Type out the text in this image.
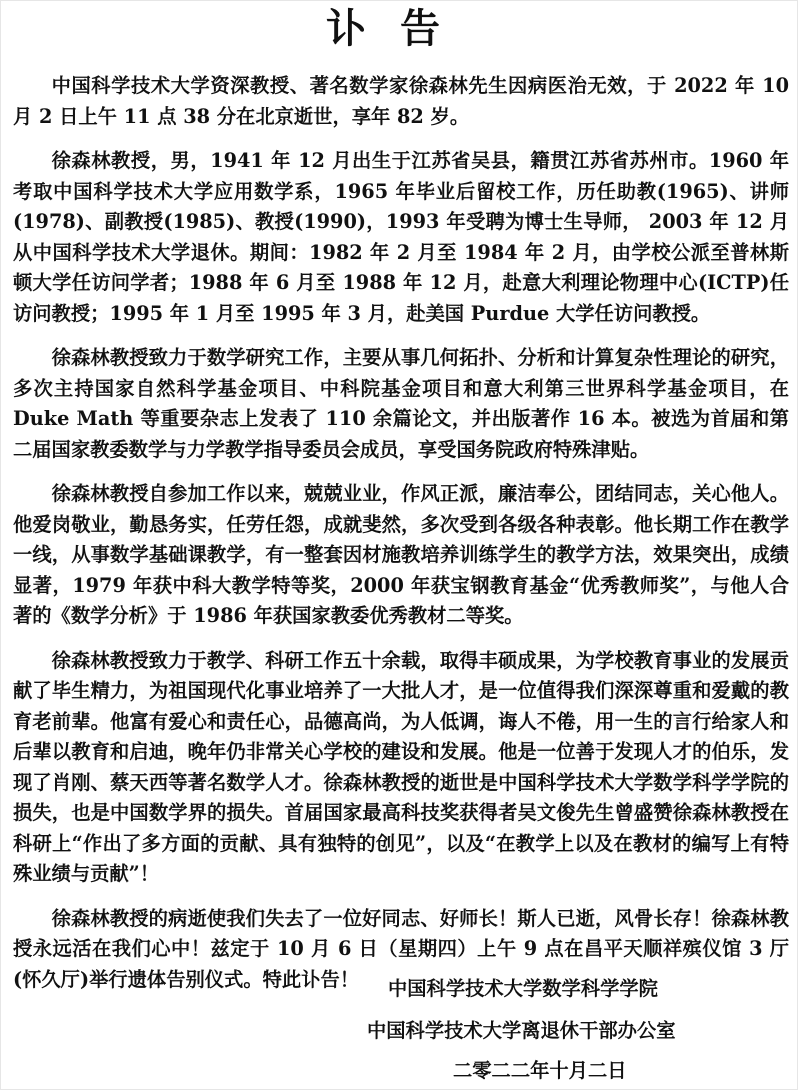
讣告

中国科学技术大学资深教授、著名数学家徐森林先生因病医治无效，于 2022 年 10 月 2 日上午 11 点 38 分在北京逝世，享年 82 岁。

徐森林教授，男，1941 年 12 月出生于江苏省吴县，籍贯江苏省苏州市。1960 年考取中国科学技术大学应用数学系，1965 年毕业后留校工作，历任助教(1965)、讲师(1978)、副教授(1985)、教授(1990)，1993 年受聘为博士生导师， 2003 年 12 月从中国科学技术大学退休。期间：1982 年 2 月至 1984 年 2 月，由学校公派至普林斯顿大学任访问学者；1988 年 6 月至 1988 年 12 月，赴意大利理论物理中心(ICTP)任访问教授；1995 年 1 月至 1995 年 3 月，赴美国 Purdue 大学任访问教授。

徐森林教授致力于数学研究工作，主要从事几何拓扑、分析和计算复杂性理论的研究，多次主持国家自然科学基金项目、中科院基金项目和意大利第三世界科学基金项目，在 Duke Math 等重要杂志上发表了 110 余篇论文，并出版著作 16 本。被选为首届和第二届国家教委数学与力学教学指导委员会成员，享受国务院政府特殊津贴。

徐森林教授自参加工作以来，兢兢业业，作风正派，廉洁奉公，团结同志，关心他人。他爱岗敬业，勤恳务实，任劳任怨，成就斐然，多次受到各级各种表彰。他长期工作在教学一线，从事数学基础课教学，有一整套因材施教培养训练学生的教学方法，效果突出，成绩显著，1979 年获中科大教学特等奖，2000 年获宝钢教育基金“优秀教师奖”，与他人合著的《数学分析》于 1986 年获国家教委优秀教材二等奖。

徐森林教授致力于教学、科研工作五十余载，取得丰硕成果，为学校教育事业的发展贡献了毕生精力，为祖国现代化事业培养了一大批人才，是一位值得我们深深尊重和爱戴的教育老前辈。他富有爱心和责任心，品德高尚，为人低调，诲人不倦，用一生的言行给家人和后辈以教育和启迪，晚年仍非常关心学校的建设和发展。他是一位善于发现人才的伯乐，发现了肖刚、蔡天西等著名数学人才。徐森林教授的逝世是中国科学技术大学数学科学学院的损失，也是中国数学界的损失。首届国家最高科技奖获得者吴文俊先生曾盛赞徐森林教授在科研上“作出了多方面的贡献、具有独特的创见”，以及“在教学上以及在教材的编写上有特殊业绩与贡献”！

徐森林教授的病逝使我们失去了一位好同志、好师长！斯人已逝，风骨长存！徐森林教授永远活在我们心中！兹定于 10 月 6 日（星期四）上午 9 点在昌平天顺祥殡仪馆 3 厅(怀久厅)举行遗体告别仪式。特此讣告！	中国科学技术大学数学科学学院
中国科学技术大学离退休干部办公室
二零二二年十月二日
